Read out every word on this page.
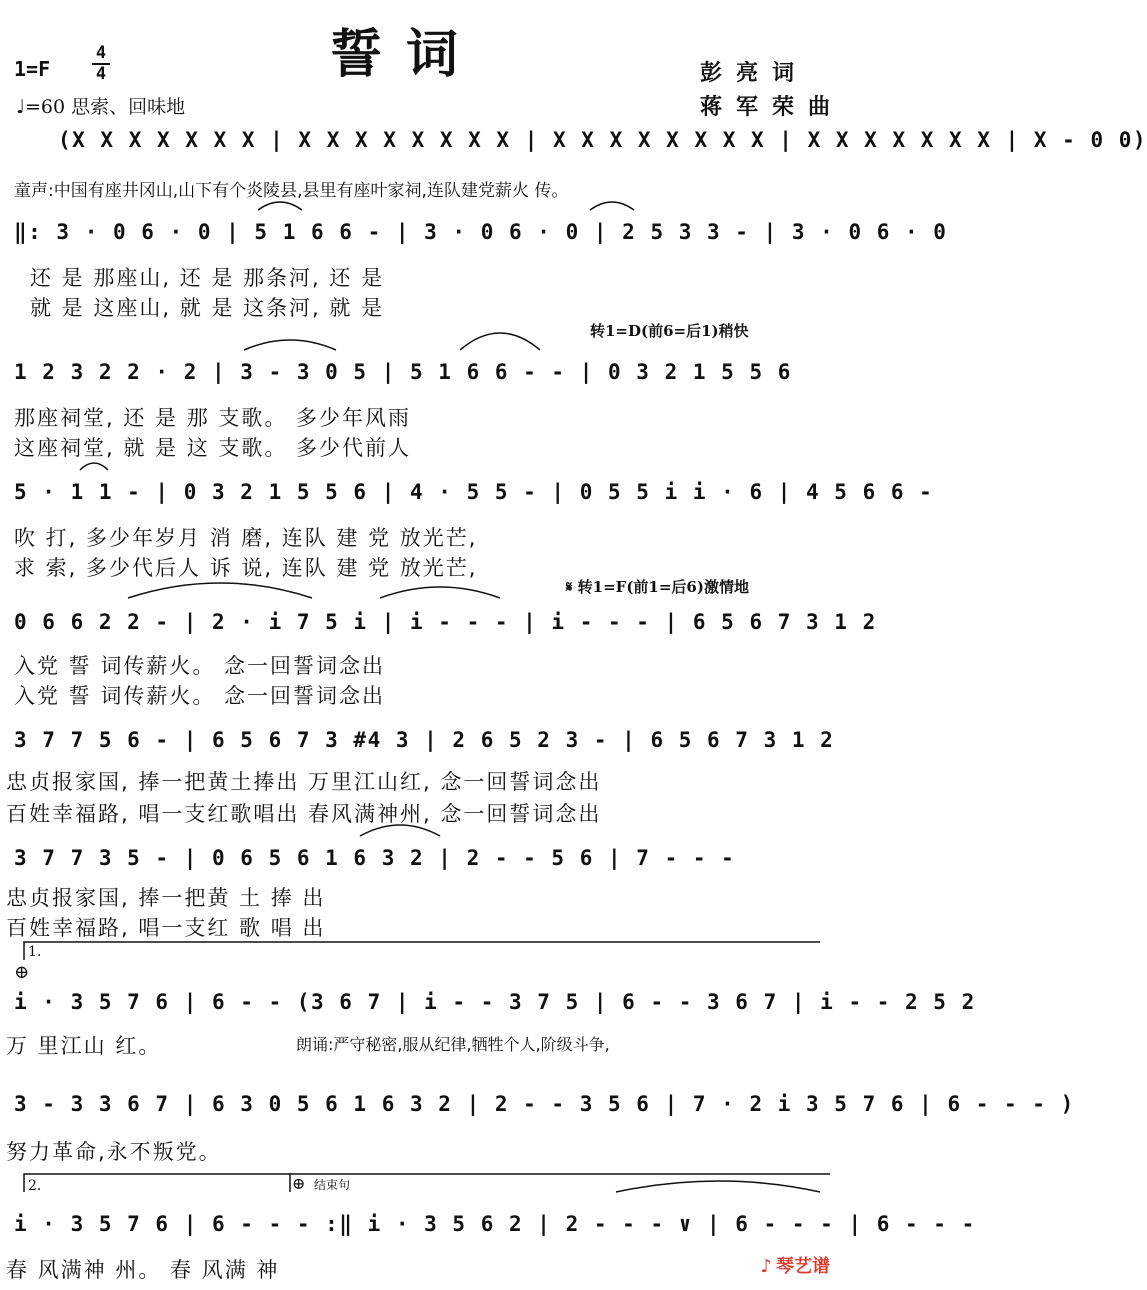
誓词
1=F
4
4
♩=60 思索、回味地
彭亮词
蒋军荣曲
(X X X X X X X | X X X X X X X X | X X X X X X X X | X X X X X X X | X - 0 0)
童声:中国有座井冈山,山下有个炎陵县,县里有座叶家祠,连队建党薪火 传。
‖: 3 · 0 6 · 0 | 5 1 6 6 - | 3 · 0 6 · 0 | 2 5 3 3 - | 3 · 0 6 · 0
还 是 那座山, 还 是 那条河, 还 是
就 是 这座山, 就 是 这条河, 就 是
转1=D(前6=后1)稍快
1 2 3 2 2 · 2 | 3 - 3 0 5 | 5 1 6 6 - - | 0 3 2 1 5 5 6
那座祠堂, 还 是 那 支歌。 多少年风雨
这座祠堂, 就 是 这 支歌。 多少代前人
5 · 1 1 - | 0 3 2 1 5 5 6 | 4 · 5 5 - | 0 5 5 i i · 6 | 4 5 6 6 -
吹 打, 多少年岁月 消 磨, 连队 建 党 放光芒,
求 索, 多少代后人 诉 说, 连队 建 党 放光芒,
𝄋 转1=F(前1=后6)激情地
0 6 6 2 2 - | 2 · i 7 5 i | i - - - | i - - - | 6 5 6 7 3 1 2
入党 誓 词传薪火。 念一回誓词念出
入党 誓 词传薪火。 念一回誓词念出
3 7 7 5 6 - | 6 5 6 7 3 #4 3 | 2 6 5 2 3 - | 6 5 6 7 3 1 2
忠贞报家国, 捧一把黄土捧出 万里江山红, 念一回誓词念出
百姓幸福路, 唱一支红歌唱出 春风满神州, 念一回誓词念出
3 7 7 3 5 - | 0 6 5 6 1 6 3 2 | 2 - - 5 6 | 7 - - -
忠贞报家国, 捧一把黄 土 捧 出
百姓幸福路, 唱一支红 歌 唱 出
1.
⊕
i · 3 5 7 6 | 6 - - (3 6 7 | i - - 3 7 5 | 6 - - 3 6 7 | i - - 2 5 2
万 里江山 红。	朗诵:严守秘密,服从纪律,牺牲个人,阶级斗争,
3 - 3 3 6 7 | 6 3 0 5 6 1 6 3 2 | 2 - - 3 5 6 | 7 · 2 i 3 5 7 6 | 6 - - - )
努力革命,永不叛党。
2.	⊕ 结束句
i · 3 5 7 6 | 6 - - - :‖ i · 3 5 6 2 | 2 - - - ∨ | 6 - - - | 6 - - -
春 风满神 州。 春 风满 神	♪ 琴艺谱
